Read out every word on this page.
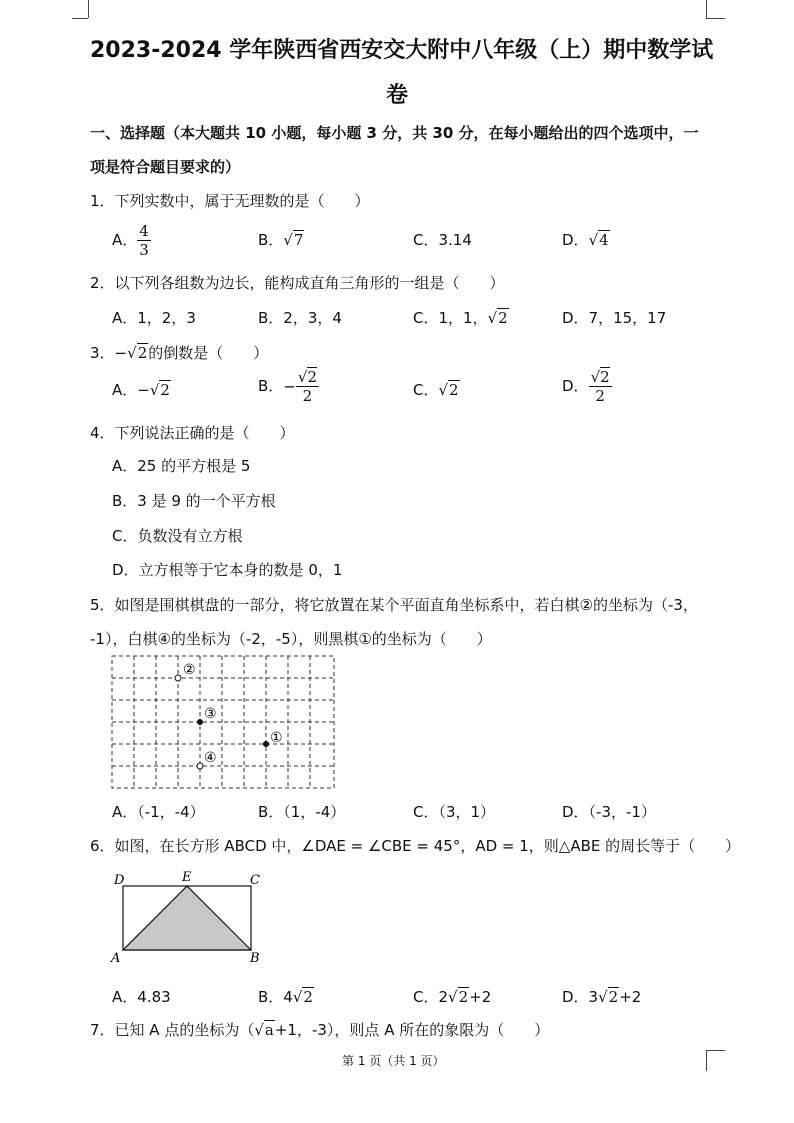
2023-2024 学年陕西省西安交大附中八年级（上）期中数学试
卷
一、选择题（本大题共 10 小题，每小题 3 分，共 30 分，在每小题给出的四个选项中，一
项是符合题目要求的）
1．下列实数中，属于无理数的是（　　）
A． $\frac{4}{3}$	B．√7	C．3.14	D．√4
2．以下列各组数为边长，能构成直角三角形的一组是（　　）
A．1，2，3	B．2，3，4	C．1，1，√2	D．7，15，17
3．−√2的倒数是（　　）
A．−√2	B．− $\frac{√2}{2}$	C．√2	D． $\frac{√2}{2}$
4．下列说法正确的是（　　）
A．25 的平方根是 5
B．3 是 9 的一个平方根
C．负数没有立方根
D．立方根等于它本身的数是 0，1
5．如图是围棋棋盘的一部分，将它放置在某个平面直角坐标系中，若白棋②的坐标为（-3，
-1），白棋④的坐标为（-2，-5），则黑棋①的坐标为（　　）
②
③
①
④
A．（-1，-4）	B．（1，-4）	C．（3，1）	D．（-3，-1）
6．如图，在长方形 ABCD 中，∠DAE = ∠CBE = 45°，AD = 1，则△ABE 的周长等于（　　）
D	E	C
A	B
A．4.83	B．4√2	C．2√2+2	D．3√2+2
7．已知 A 点的坐标为（√a+1，-3），则点 A 所在的象限为（　　）
第 1 页（共 1 页）
